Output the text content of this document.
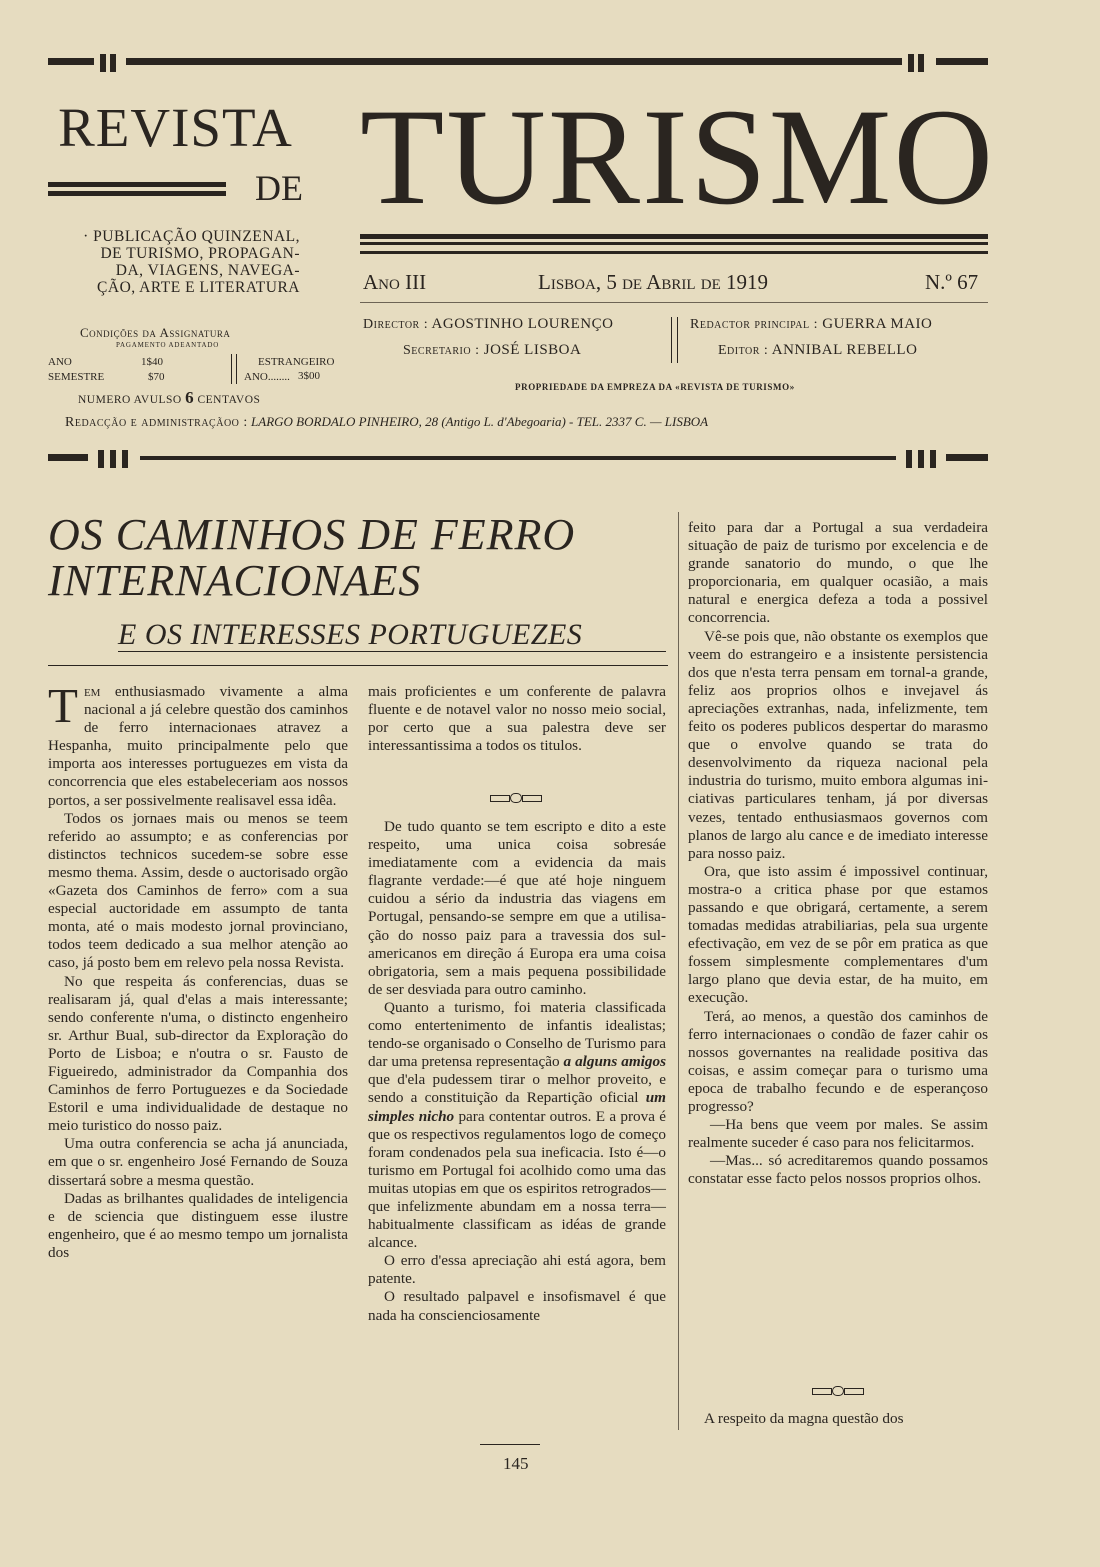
REVISTA
DE TURISMO
· PUBLICAÇÃO QUINZENAL,
DE TURISMO, PROPAGAN-
DA, VIAGENS, NAVEGA-
ÇÃO, ARTE E LITERATURA	Ano III	Lisboa, 5 de Abril de 1919	N.º 67
Condições da Assignatura
PAGAMENTO ADEANTADO
ANO	1$40
SEMESTRE	$70
ESTRANGEIRO
ANO........ 3$00
NUMERO AVULSO 6 CENTAVOS
Director : AGOSTINHO LOURENÇO
Secretario : JOSÉ LISBOA
Redactor principal : GUERRA MAIO
Editor : ANNIBAL REBELLO
PROPRIEDADE DA EMPREZA DA «REVISTA DE TURISMO»
Redacção e administraçãoo : LARGO BORDALO PINHEIRO, 28 (Antigo L. d'Abegoaria) - TEL. 2337 C. — LISBOA
OS CAMINHOS DE FERRO
INTERNACIONAES
E OS INTERESSES PORTUGUEZES

Tem enthusiasmado vivamente a alma nacional a já celebre questão dos caminhos de ferro internacionaes atravez a Hespanha, muito principalmente pelo que importa aos interesses portuguezes em vista da concorrencia que eles estabeleceriam aos nossos portos, a ser possivelmente realisavel essa idêa.

Todos os jornaes mais ou menos se teem referido ao assumpto; e as conferencias por distinctos technicos sucedem-se sobre esse mesmo thema. Assim, desde o auctorisado orgão «Gazeta dos Caminhos de ferro» com a sua especial auctoridade em assumpto de tanta monta, até o mais modesto jornal provinciano, todos teem dedicado a sua melhor atenção ao caso, já posto bem em relevo pela nossa Revista.

No que respeita ás conferencias, duas se realisaram já, qual d'elas a mais interessante; sendo conferente n'uma, o distincto engenheiro sr. Arthur Bual, sub-director da Exploração do Porto de Lisboa; e n'outra o sr. Fausto de Figueiredo, administrador da Companhia dos Caminhos de ferro Portuguezes e da Sociedade Estoril e uma individualidade de destaque no meio turistico do nosso paiz.

Uma outra conferencia se acha já anunciada, em que o sr. engenheiro José Fernando de Souza dissertará sobre a mesma questão.

Dadas as brilhantes qualidades de inteligencia e de sciencia que distinguem esse ilustre engenheiro, que é ao mesmo tempo um jornalista dos

mais proficientes e um conferente de palavra fluente e de notavel valor no nosso meio social, por certo que a sua palestra deve ser interessantissima a todos os titulos.

De tudo quanto se tem escripto e dito a este respeito, uma unica coisa sobresáe imediatamente com a evidencia da mais flagrante verdade:—é que até hoje ninguem cuidou a sério da industria das viagens em Portugal, pensando-se sempre em que a utilisação do nosso paiz para a travessia dos sul-americanos em direção á Europa era uma coisa obrigatoria, sem a mais pequena possibilidade de ser desviada para outro caminho.

Quanto a turismo, foi materia classificada como entertenimento de infantis idealistas; tendo-se organisado o Conselho de Turismo para dar uma pretensa representação a alguns amigos que d'ela pudessem tirar o melhor proveito, e sendo a constituição da Repartição oficial um simples nicho para contentar outros. E a prova é que os respectivos regulamentos logo de começo foram condenados pela sua ineficacia. Isto é—o turismo em Portugal foi acolhido como uma das muitas utopias em que os espiritos retrogrados—que infelizmente abundam em a nossa terra—habitualmente classificam as idéas de grande alcance.

O erro d'essa apreciação ahi está agora, bem patente.

O resultado palpavel e insofismavel é que nada ha conscienciosamente

feito para dar a Portugal a sua verdadeira situação de paiz de turismo por excelencia e de grande sanatorio do mundo, o que lhe proporcionaria, em qualquer ocasião, a mais natural e energica defeza a toda a possivel concorrencia.

Vê-se pois que, não obstante os exemplos que veem do estrangeiro e a insistente persistencia dos que n'esta terra pensam em tornal-a grande, feliz aos proprios olhos e invejavel ás apreciações extranhas, nada, infelizmente, tem feito os poderes publicos despertar do marasmo que o envolve quando se trata do desenvolvimento da riqueza nacional pela industria do turismo, muito embora algumas iniciativas particulares tenham, já por diversas vezes, tentado enthusiasmaos governos com planos de largo alu cance e de imediato interesse para nosso paiz.

Ora, que isto assim é impossivel continuar, mostra-o a critica phase por que estamos passando e que obrigará, certamente, a serem tomadas medidas atrabiliarias, pela sua urgente efectivação, em vez de se pôr em pratica as que fossem simplesmente complementares d'um largo plano que devia estar, de ha muito, em execução.

Terá, ao menos, a questão dos caminhos de ferro internacionaes o condão de fazer cahir os nossos governantes na realidade positiva das coisas, e assim começar para o turismo uma epoca de trabalho fecundo e de esperançoso progresso?

—Ha bens que veem por males. Se assim realmente suceder é caso para nos felicitarmos.

—Mas... só acreditaremos quando possamos constatar esse facto pelos nossos proprios olhos.

A respeito da magna questão dos

145
